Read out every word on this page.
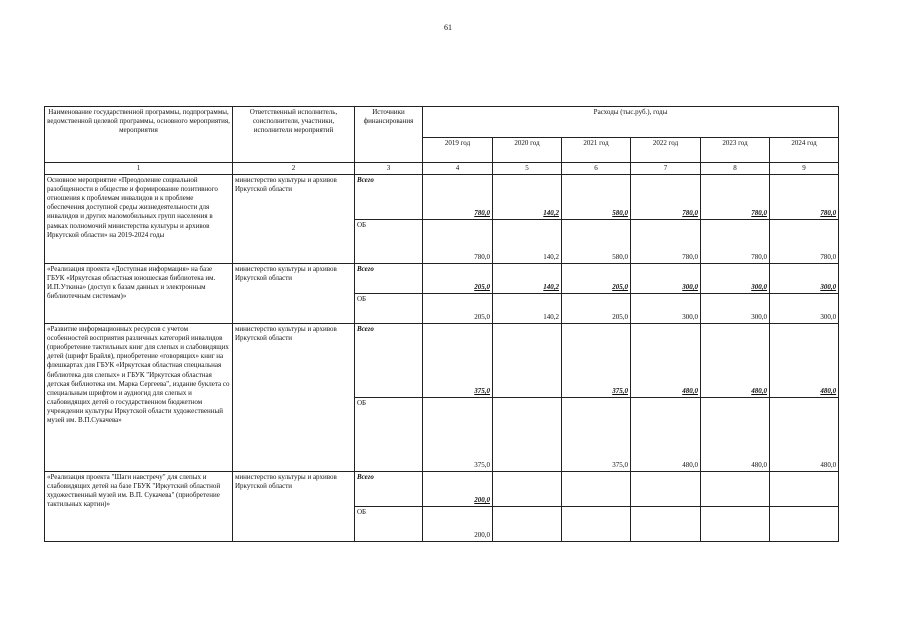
61
Наименование государственной программы, подпрограммы, ведомственной целевой программы, основного мероприятия, мероприятия	Ответственный исполнитель, соисполнители, участники, исполнители мероприятий	Источники финансирования	Расходы (тыс.руб.), годы					
			2019 год	2020 год	2021 год	2022 год	2023 год	2024 год
1	2	3	4	5	6	7	8	9
Основное мероприятие «Преодоление социальной разобщенности в обществе и формирование позитивного отношения к проблемам инвалидов и к проблеме обеспечения доступной среды жизнедеятельности для инвалидов и других маломобильных групп населения в рамках полномочий министерства культуры и архивов Иркутской области» на 2019-2024 годы	министерство культуры и архивов Иркутской области	Всего	780,0	140,2	580,0	780,0	780,0	780,0
		ОБ	780,0	140,2	580,0	780,0	780,0	780,0
«Реализация проекта «Доступная информация» на базе ГБУК «Иркутская областная юношеская библиотека им. И.П.Уткина» (доступ к базам данных и электронным библиотечным системам)»	министерство культуры и архивов Иркутской области	Всего	205,0	140,2	205,0	300,0	300,0	300,0
		ОБ	205,0	140,2	205,0	300,0	300,0	300,0
«Развитие информационных ресурсов с учетом особенностей восприятия различных категорий инвалидов (приобретение тактильных книг для слепых и слабовидящих детей (шрифт Брайля), приобретение «говорящих» книг на флешкартах для ГБУК «Иркутская областная специальная библиотека для слепых» и ГБУК "Иркутская областная детская библиотека им. Марка Сергеева", издание буклета со специальным шрифтом и аудиогид для слепых и слабовидящих детей о государственном бюджетном учреждении культуры Иркутской области художественный музей им. В.П.Сукачева»	министерство культуры и архивов Иркутской области	Всего	375,0		375,0	480,0	480,0	480,0
		ОБ	375,0		375,0	480,0	480,0	480,0
«Реализация проекта "Шаги навстречу" для слепых и слабовидящих детей на базе ГБУК "Иркутский областной художественный музей им. В.П. Сукачева" (приобретение тактильных картин)»	министерство культуры и архивов Иркутской области	Всего	200,0					
		ОБ	200,0					
